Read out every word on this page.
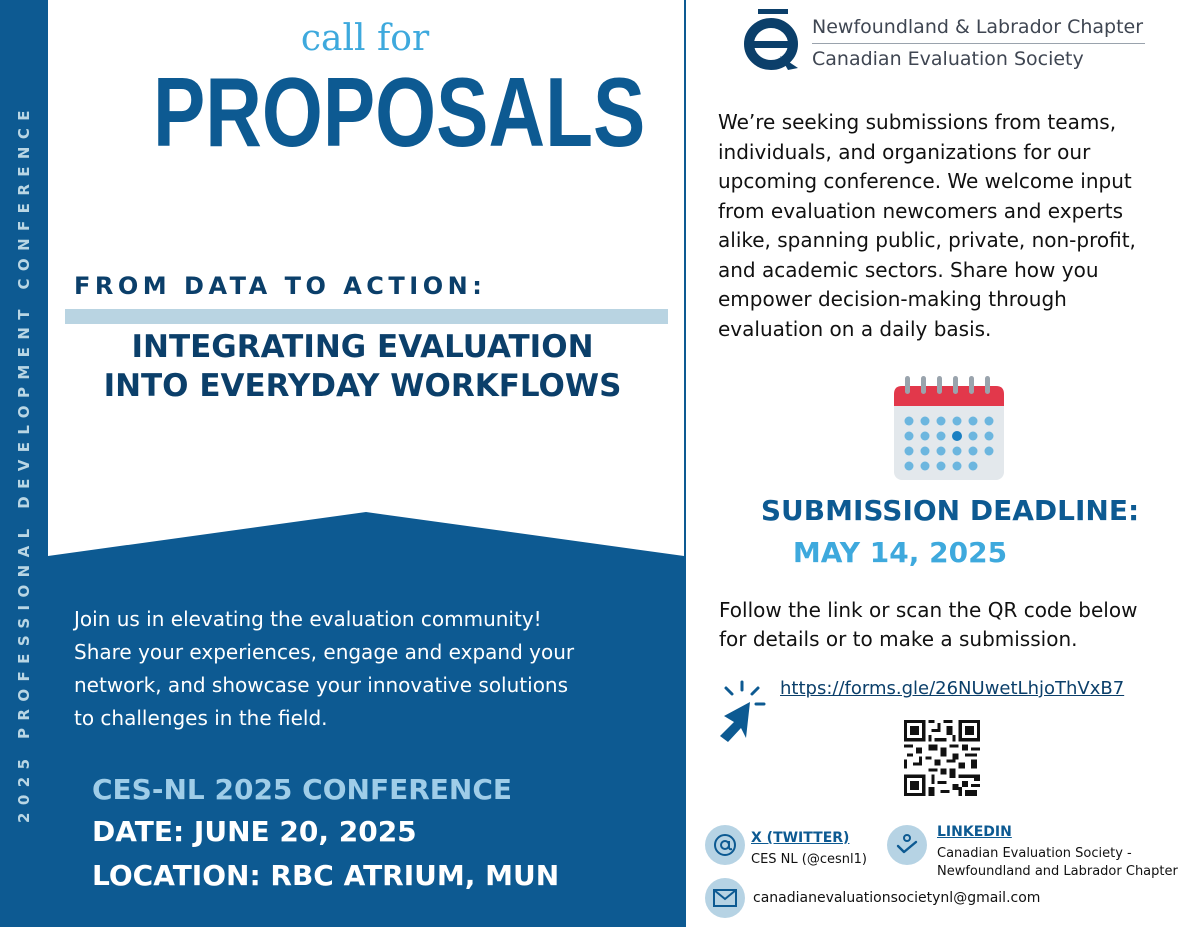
2025 PROFESSIONAL DEVELOPMENT CONFERENCE
call for
PROPOSALS
FROM DATA TO ACTION:
INTEGRATING EVALUATION
INTO EVERYDAY WORKFLOWS
Join us in elevating the evaluation community!
Share your experiences, engage and expand your
network, and showcase your innovative solutions
to challenges in the field.
CES-NL 2025 CONFERENCE
DATE: JUNE 20, 2025
LOCATION: RBC ATRIUM, MUN
Newfoundland & Labrador Chapter
Canadian Evaluation Society
We’re seeking submissions from teams,
individuals, and organizations for our
upcoming conference. We welcome input
from evaluation newcomers and experts
alike, spanning public, private, non-profit,
and academic sectors. Share how you
empower decision-making through
evaluation on a daily basis.
SUBMISSION DEADLINE:
MAY 14, 2025
Follow the link or scan the QR code below
for details or to make a submission.
https://forms.gle/26NUwetLhjoThVxB7
X (TWITTER)
CES NL (@cesnl1)
LINKEDIN
Canadian Evaluation Society -
Newfoundland and Labrador Chapter
canadianevaluationsocietynl@gmail.com
